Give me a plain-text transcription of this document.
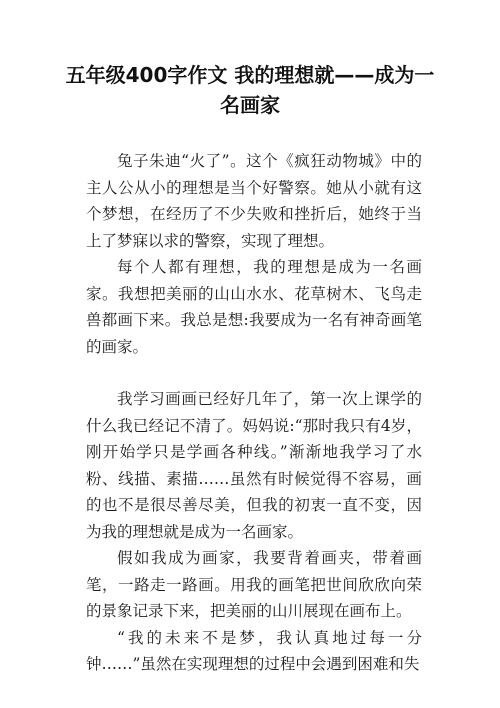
五年级400字作文 我的理想就——成为一名画家

兔子朱迪“火了”。这个《疯狂动物城》中的主人公从小的理想是当个好警察。她从小就有这个梦想，在经历了不少失败和挫折后，她终于当上了梦寐以求的警察，实现了理想。

每个人都有理想，我的理想是成为一名画家。我想把美丽的山山水水、花草树木、飞鸟走兽都画下来。我总是想:我要成为一名有神奇画笔的画家。

我学习画画已经好几年了，第一次上课学的什么我已经记不清了。妈妈说:“那时我只有4岁，刚开始学只是学画各种线。”渐渐地我学习了水粉、线描、素描……虽然有时候觉得不容易，画的也不是很尽善尽美，但我的初衷一直不变，因为我的理想就是成为一名画家。

假如我成为画家，我要背着画夹，带着画笔，一路走一路画。用我的画笔把世间欣欣向荣的景象记录下来，把美丽的山川展现在画布上。

“我的未来不是梦，我认真地过每一分钟……”虽然在实现理想的过程中会遇到困难和失
